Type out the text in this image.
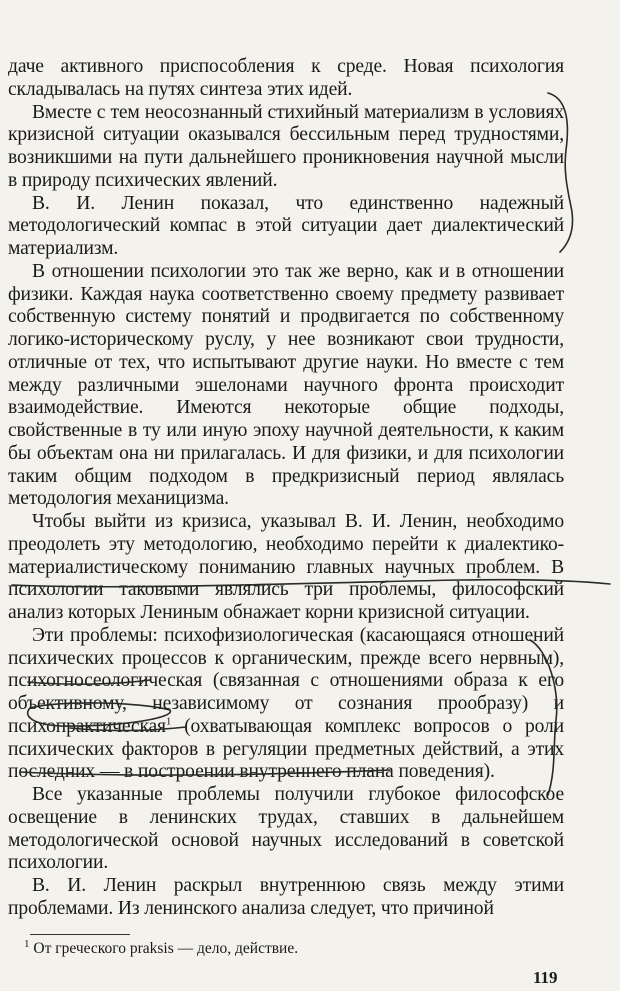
даче активного приспособления к среде. Новая психология складывалась на путях синтеза этих идей.

Вместе с тем неосознанный стихийный материализм в условиях кризисной ситуации оказывался бессильным перед трудностями, возникшими на пути дальнейшего проникновения научной мысли в природу психических явлений.

В. И. Ленин показал, что единственно надежный методологический компас в этой ситуации дает диалектический материализм.

В отношении психологии это так же верно, как и в отношении физики. Каждая наука соответственно своему предмету развивает собственную систему понятий и продвигается по собственному логико-историческому руслу, у нее возникают свои трудности, отличные от тех, что испытывают другие науки. Но вместе с тем между различными эшелонами научного фронта происходит взаимодействие. Имеются некоторые общие подходы, свойственные в ту или иную эпоху научной деятельности, к каким бы объектам она ни прилагалась. И для физики, и для психологии таким общим подходом в предкризисный период являлась методология механицизма.

Чтобы выйти из кризиса, указывал В. И. Ленин, необходимо преодолеть эту методологию, необходимо перейти к диалектико-материалистическому пониманию главных научных проблем. В психологии таковыми являлись три проблемы, философский анализ которых Лениным обнажает корни кризисной ситуации.

Эти проблемы: психофизиологическая (касающаяся отношений психических процессов к органическим, прежде всего нервным), психогносеологическая (связанная с отношениями образа к его объективному, независимому от сознания прообразу) и психопрактическая$^1$ (охватывающая комплекс вопросов о роли психических факторов в регуляции предметных действий, а этих последних — в построении внутреннего плана поведения).

Все указанные проблемы получили глубокое философское освещение в ленинских трудах, ставших в дальнейшем методологической основой научных исследований в советской психологии.

В. И. Ленин раскрыл внутреннюю связь между этими проблемами. Из ленинского анализа следует, что причиной

$^1$ От греческого praksis — дело, действие.
119
